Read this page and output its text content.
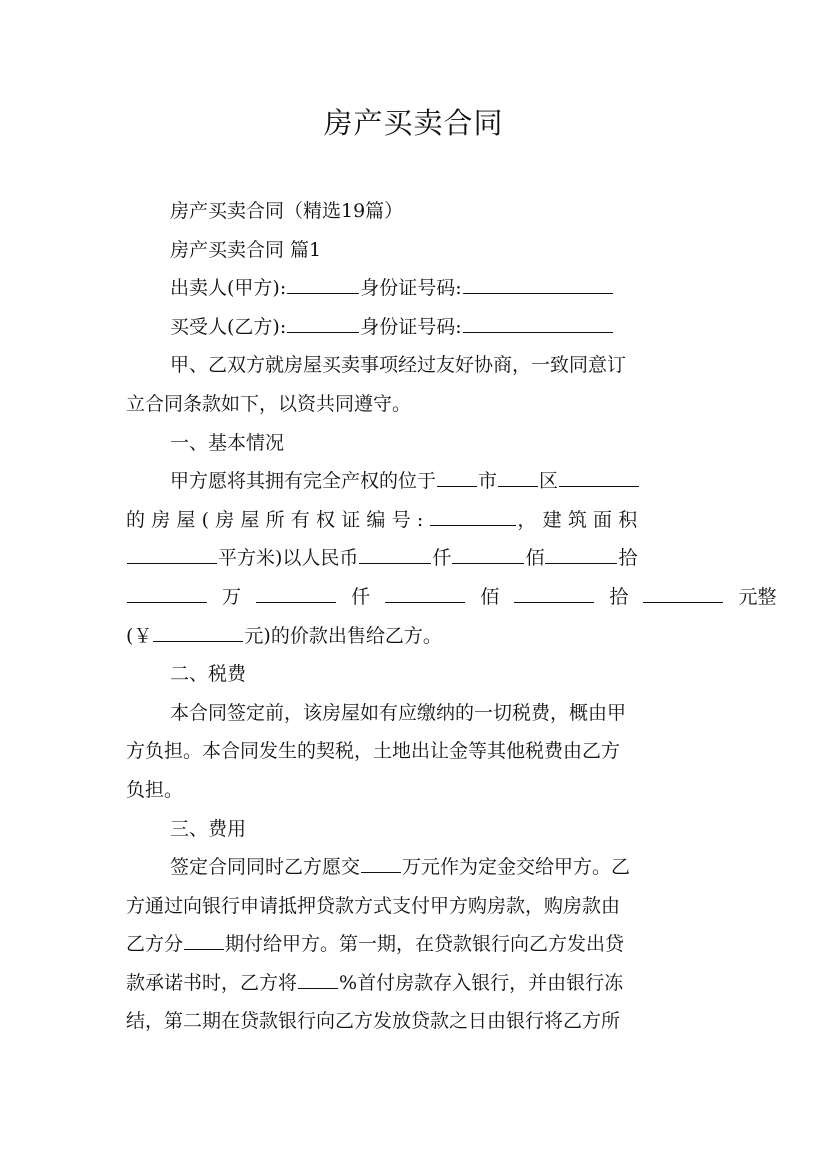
房产买卖合同
房产买卖合同（精选19篇）
房产买卖合同 篇1
出卖人(甲方):	身份证号码:
买受人(乙方):	身份证号码:
甲、乙双方就房屋买卖事项经过友好协商，一致同意订
立合同条款如下，以资共同遵守。
一、基本情况
甲方愿将其拥有完全产权的位于 市 区
的房屋(房屋所有权证编号:	，建筑面积
平方米)以人民币	仟	佰	拾
万	仟	佰	拾	元整
(￥	元)的价款出售给乙方。
二、税费
本合同签定前，该房屋如有应缴纳的一切税费，概由甲
方负担。本合同发生的契税，土地出让金等其他税费由乙方
负担。
三、费用
签定合同同时乙方愿交 万元作为定金交给甲方。乙
方通过向银行申请抵押贷款方式支付甲方购房款，购房款由
乙方分 期付给甲方。第一期，在贷款银行向乙方发出贷
款承诺书时，乙方将 %首付房款存入银行，并由银行冻
结，第二期在贷款银行向乙方发放贷款之日由银行将乙方所
